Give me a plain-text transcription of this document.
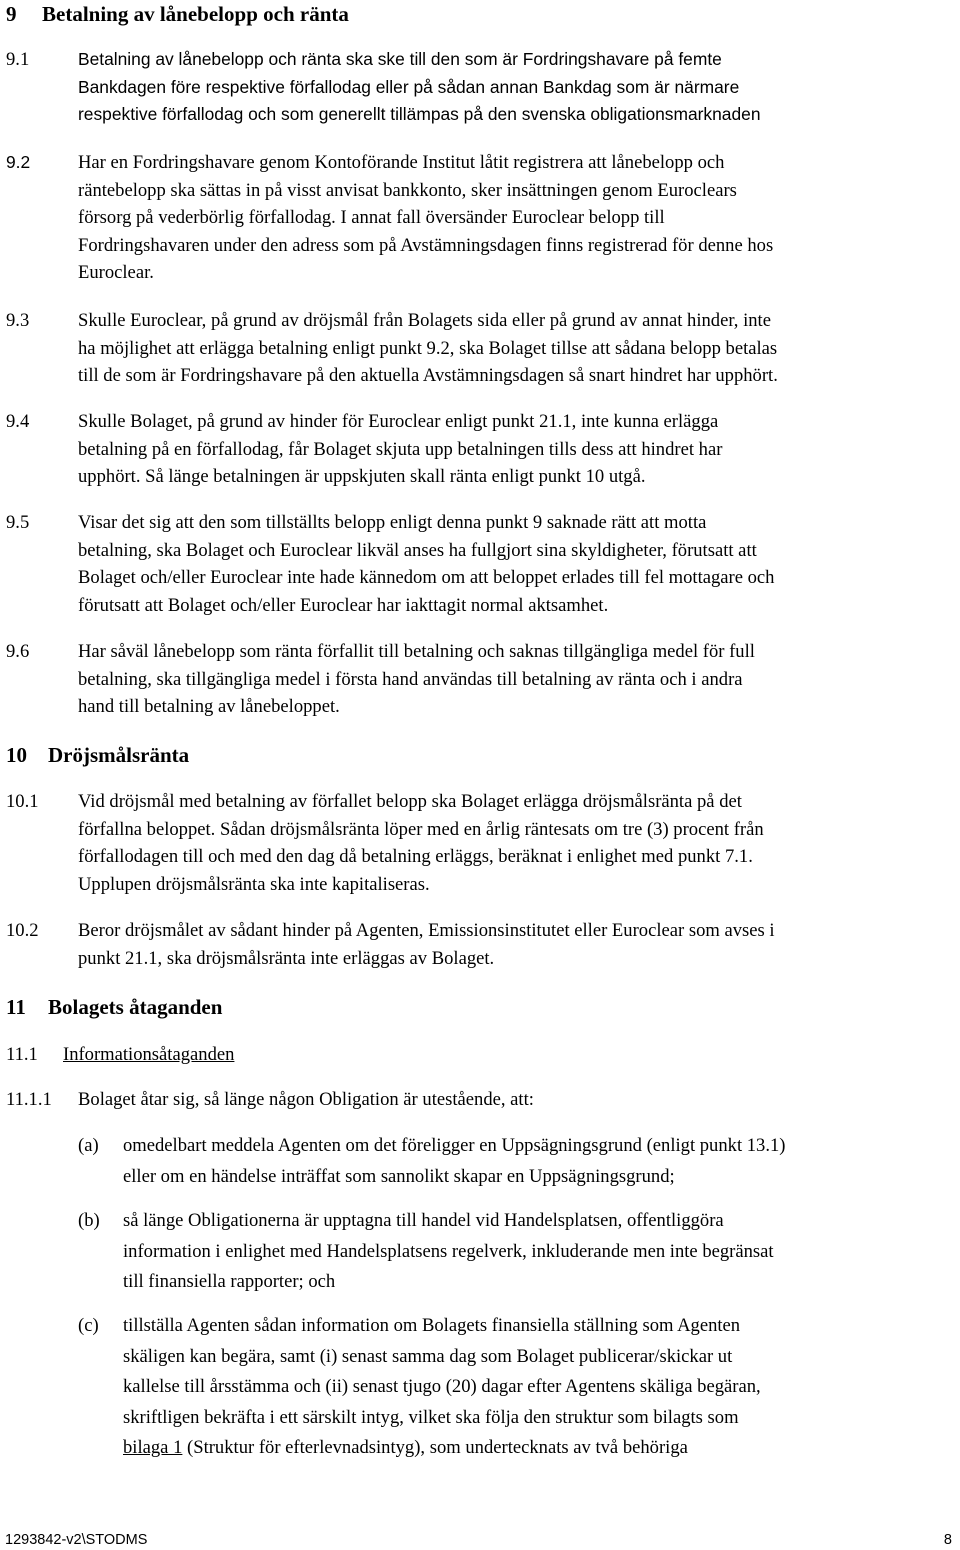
9 Betalning av lånebelopp och ränta
9.1	Betalning av lånebelopp och ränta ska ske till den som är Fordringshavare på femte
Bankdagen före respektive förfallodag eller på sådan annan Bankdag som är närmare
respektive förfallodag och som generellt tillämpas på den svenska obligationsmarknaden
9.2	Har en Fordringshavare genom Kontoförande Institut låtit registrera att lånebelopp och
räntebelopp ska sättas in på visst anvisat bankkonto, sker insättningen genom Euroclears
försorg på vederbörlig förfallodag. I annat fall översänder Euroclear belopp till
Fordringshavaren under den adress som på Avstämningsdagen finns registrerad för denne hos
Euroclear.
9.3	Skulle Euroclear, på grund av dröjsmål från Bolagets sida eller på grund av annat hinder, inte
ha möjlighet att erlägga betalning enligt punkt 9.2, ska Bolaget tillse att sådana belopp betalas
till de som är Fordringshavare på den aktuella Avstämningsdagen så snart hindret har upphört.
9.4	Skulle Bolaget, på grund av hinder för Euroclear enligt punkt 21.1, inte kunna erlägga
betalning på en förfallodag, får Bolaget skjuta upp betalningen tills dess att hindret har
upphört. Så länge betalningen är uppskjuten skall ränta enligt punkt 10 utgå.
9.5	Visar det sig att den som tillställts belopp enligt denna punkt 9 saknade rätt att motta
betalning, ska Bolaget och Euroclear likväl anses ha fullgjort sina skyldigheter, förutsatt att
Bolaget och/eller Euroclear inte hade kännedom om att beloppet erlades till fel mottagare och
förutsatt att Bolaget och/eller Euroclear har iakttagit normal aktsamhet.
9.6	Har såväl lånebelopp som ränta förfallit till betalning och saknas tillgängliga medel för full
betalning, ska tillgängliga medel i första hand användas till betalning av ränta och i andra
hand till betalning av lånebeloppet.
10 Dröjsmålsränta
10.1 Vid dröjsmål med betalning av förfallet belopp ska Bolaget erlägga dröjsmålsränta på det
förfallna beloppet. Sådan dröjsmålsränta löper med en årlig räntesats om tre (3) procent från
förfallodagen till och med den dag då betalning erläggs, beräknat i enlighet med punkt 7.1.
Upplupen dröjsmålsränta ska inte kapitaliseras.
10.2 Beror dröjsmålet av sådant hinder på Agenten, Emissionsinstitutet eller Euroclear som avses i
punkt 21.1, ska dröjsmålsränta inte erläggas av Bolaget.
11 Bolagets åtaganden
11.1 Informationsåtaganden
11.1.1 Bolaget åtar sig, så länge någon Obligation är utestående, att:
(a) omedelbart meddela Agenten om det föreligger en Uppsägningsgrund (enligt punkt 13.1)
eller om en händelse inträffat som sannolikt skapar en Uppsägningsgrund;
(b) så länge Obligationerna är upptagna till handel vid Handelsplatsen, offentliggöra
information i enlighet med Handelsplatsens regelverk, inkluderande men inte begränsat
till finansiella rapporter; och
(c) tillställa Agenten sådan information om Bolagets finansiella ställning som Agenten
skäligen kan begära, samt (i) senast samma dag som Bolaget publicerar/skickar ut
kallelse till årsstämma och (ii) senast tjugo (20) dagar efter Agentens skäliga begäran,
skriftligen bekräfta i ett särskilt intyg, vilket ska följa den struktur som bilagts som
bilaga 1 (Struktur för efterlevnadsintyg), som undertecknats av två behöriga
1293842-v2\STODMS	8
